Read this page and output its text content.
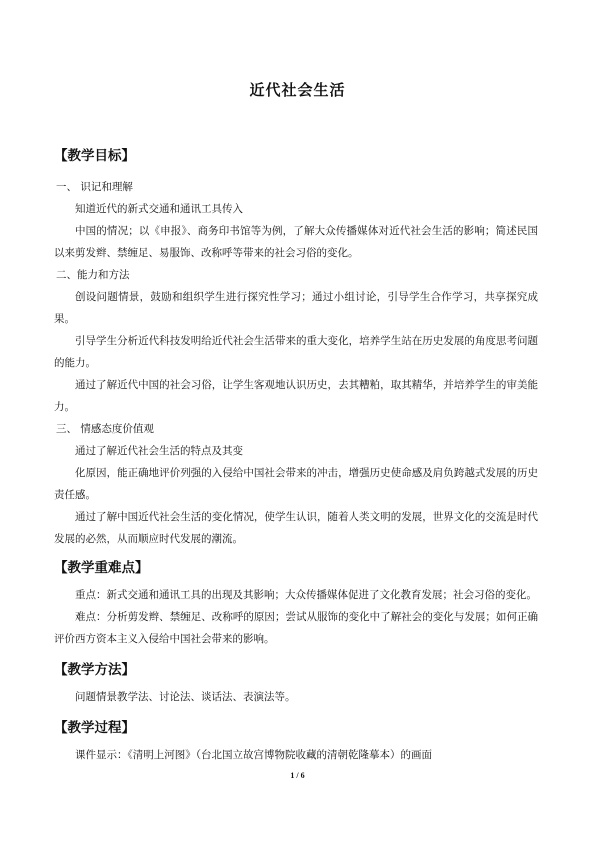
近代社会生活

【教学目标】

一、 识记和理解

知道近代的新式交通和通讯工具传入

中国的情况；以《申报》、商务印书馆等为例，了解大众传播媒体对近代社会生活的影响；简述民国以来剪发辫、禁缠足、易服饰、改称呼等带来的社会习俗的变化。

二、能力和方法

创设问题情景，鼓励和组织学生进行探究性学习；通过小组讨论，引导学生合作学习，共享探究成果。

引导学生分析近代科技发明给近代社会生活带来的重大变化，培养学生站在历史发展的角度思考问题的能力。

通过了解近代中国的社会习俗，让学生客观地认识历史，去其糟粕，取其精华，并培养学生的审美能力。

三、 情感态度价值观

通过了解近代社会生活的特点及其变

化原因，能正确地评价列强的入侵给中国社会带来的冲击，增强历史使命感及肩负跨越式发展的历史责任感。

通过了解中国近代社会生活的变化情况，使学生认识，随着人类文明的发展，世界文化的交流是时代发展的必然，从而顺应时代发展的潮流。

【教学重难点】

重点：新式交通和通讯工具的出现及其影响；大众传播媒体促进了文化教育发展；社会习俗的变化。

难点：分析剪发辫、禁缠足、改称呼的原因；尝试从服饰的变化中了解社会的变化与发展；如何正确评价西方资本主义入侵给中国社会带来的影响。

【教学方法】

问题情景教学法、讨论法、谈话法、表演法等。

【教学过程】

课件显示：《清明上河图》（台北国立故宫博物院收藏的清朝乾隆摹本）的画面

1 / 6
